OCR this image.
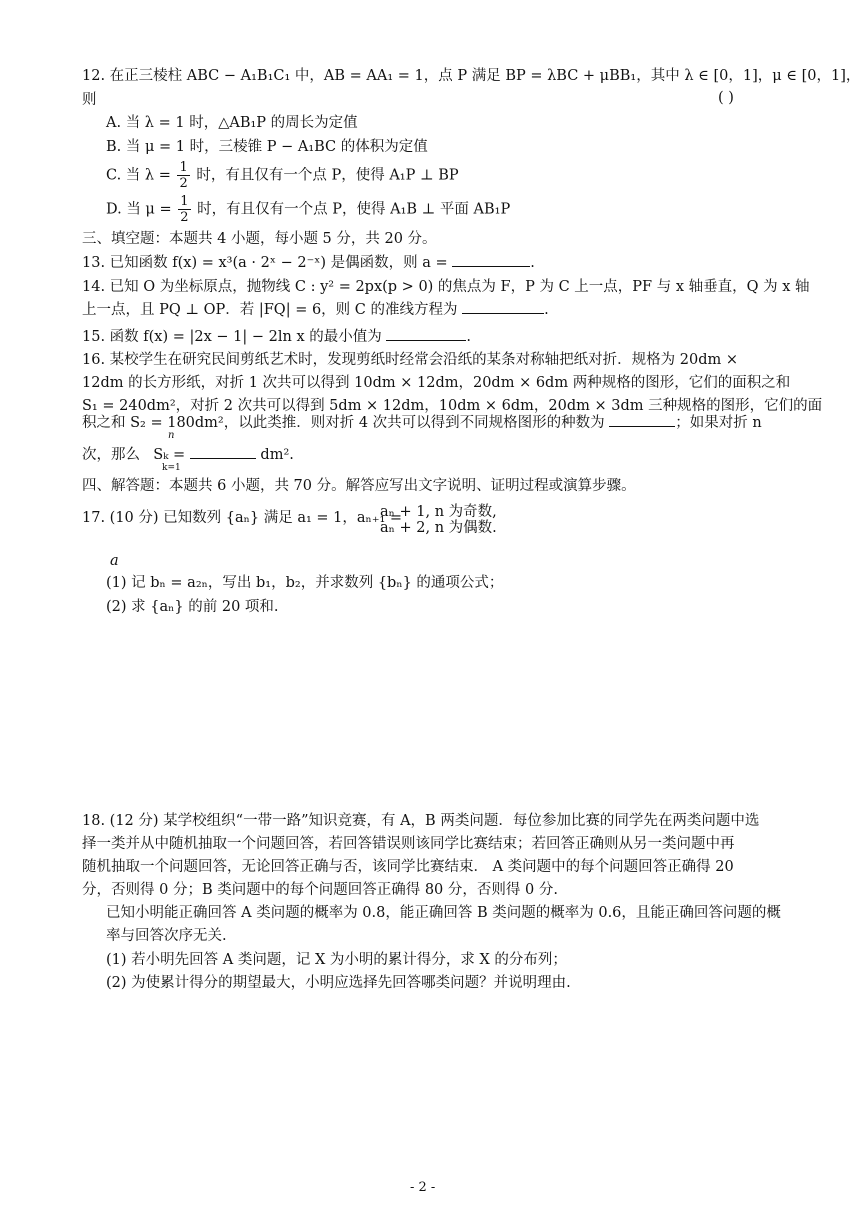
12. 在正三棱柱 ABC − A₁B₁C₁ 中，AB = AA₁ = 1，点 P 满足 BP = λBC + μBB₁，其中 λ ∈ [0，1]，μ ∈ [0，1]，
则	( )
A. 当 λ = 1 时，△AB₁P 的周长为定值
B. 当 μ = 1 时，三棱锥 P − A₁BC 的体积为定值
C. 当 $\lambda = \frac{1}{2}$ 时，有且仅有一个点 P，使得 A₁P ⊥ BP
D. 当 $\mu = \frac{1}{2}$ 时，有且仅有一个点 P，使得 A₁B ⊥ 平面 AB₁P
三、填空题：本题共 4 小题，每小题 5 分，共 20 分。
13. 已知函数 f(x) = x³(a · 2ˣ − 2⁻ˣ) 是偶函数，则 a =	.
14. 已知 O 为坐标原点，抛物线 C : y² = 2px(p > 0) 的焦点为 F，P 为 C 上一点，PF 与 x 轴垂直，Q 为 x 轴
上一点，且 PQ ⊥ OP．若 |FQ| = 6，则 C 的准线方程为	.
15. 函数 f(x) = |2x − 1| − 2ln x 的最小值为	.
16. 某校学生在研究民间剪纸艺术时，发现剪纸时经常会沿纸的某条对称轴把纸对折．规格为 20dm ×
12dm 的长方形纸，对折 1 次共可以得到 10dm × 12dm，20dm × 6dm 两种规格的图形，它们的面积之和
S₁ = 240dm²，对折 2 次共可以得到 5dm × 12dm，10dm × 6dm，20dm × 3dm 三种规格的图形，它们的面
积之和 S₂ = 180dm²，以此类推．则对折 4 次共可以得到不同规格图形的种数为	；如果对折 n
n
k=1
次，那么 Sₖ =	dm².
四、解答题：本题共 6 小题，共 70 分。解答应写出文字说明、证明过程或演算步骤。
17. (10 分) 已知数列 {aₙ} 满足 a₁ = 1，aₙ₊₁ =
aₙ + 1, n 为奇数,
aₙ + 2, n 为偶数.
a
(1) 记 bₙ = a₂ₙ，写出 b₁，b₂，并求数列 {bₙ} 的通项公式；
(2) 求 {aₙ} 的前 20 项和.
18. (12 分) 某学校组织“一带一路”知识竞赛，有 A，B 两类问题．每位参加比赛的同学先在两类问题中选
择一类并从中随机抽取一个问题回答，若回答错误则该同学比赛结束；若回答正确则从另一类问题中再
随机抽取一个问题回答，无论回答正确与否，该同学比赛结束． A 类问题中的每个问题回答正确得 20
分，否则得 0 分；B 类问题中的每个问题回答正确得 80 分，否则得 0 分.
已知小明能正确回答 A 类问题的概率为 0.8，能正确回答 B 类问题的概率为 0.6，且能正确回答问题的概
率与回答次序无关.
(1) 若小明先回答 A 类问题，记 X 为小明的累计得分，求 X 的分布列；
(2) 为使累计得分的期望最大，小明应选择先回答哪类问题？并说明理由.
- 2 -
